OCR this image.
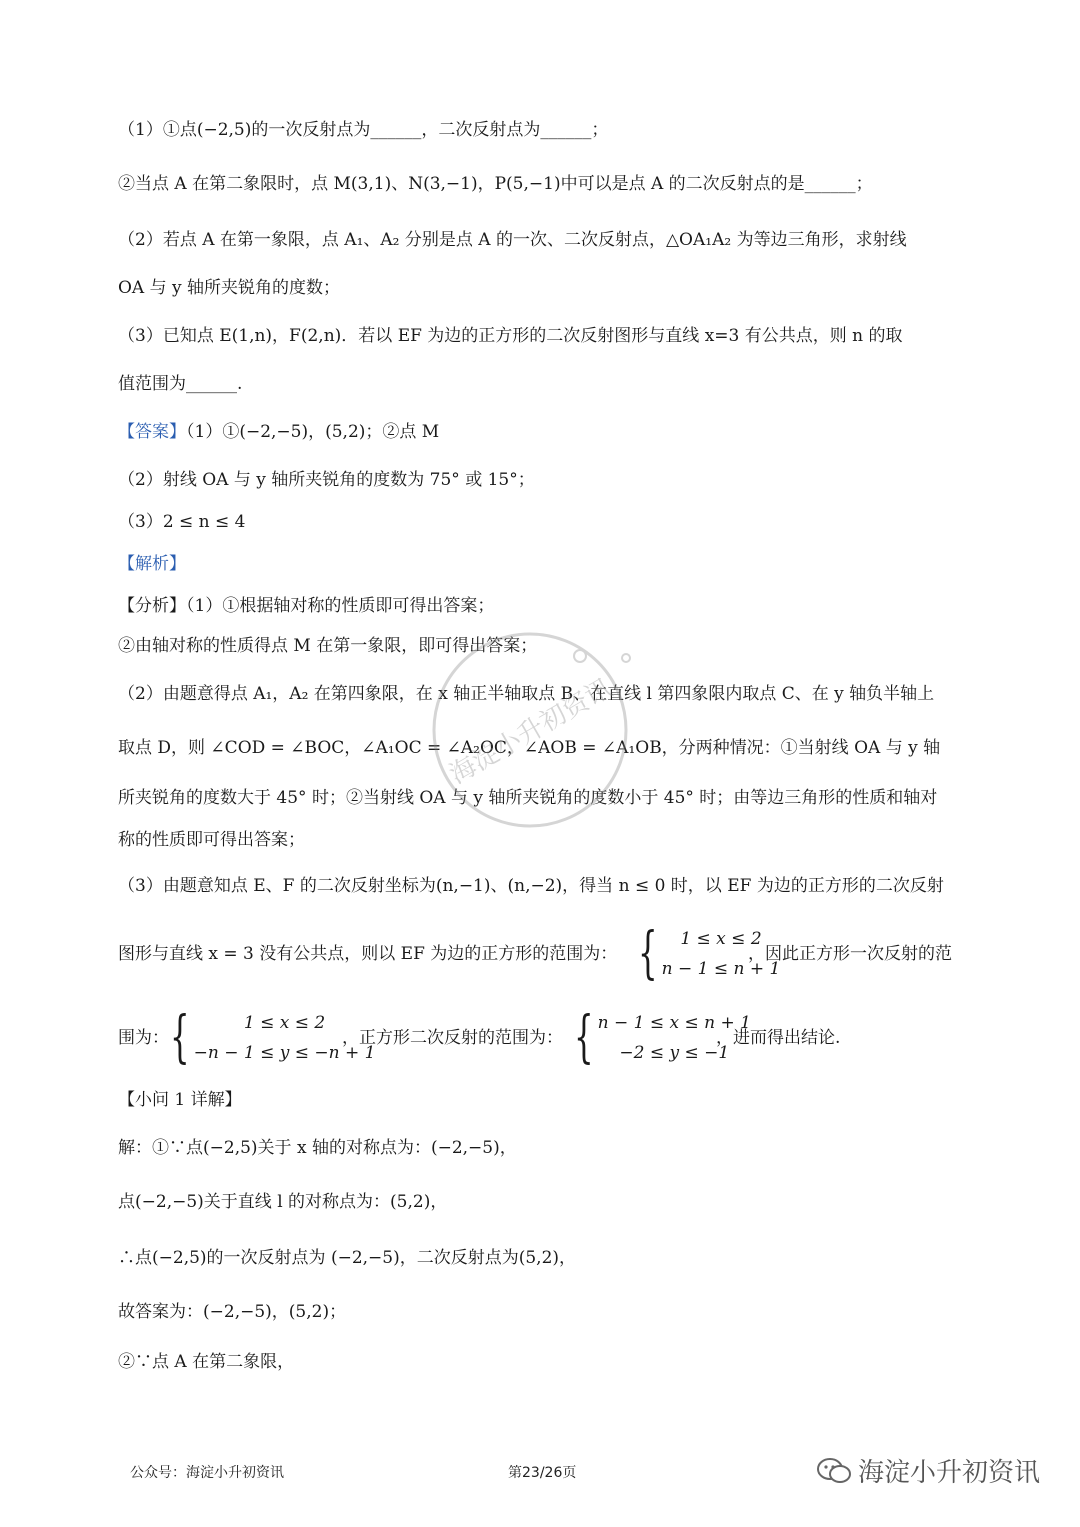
（1）①点(−2,5)的一次反射点为______，二次反射点为______；
②当点 A 在第二象限时，点 M(3,1)、N(3,−1)，P(5,−1)中可以是点 A 的二次反射点的是______；
（2）若点 A 在第一象限，点 A₁、A₂ 分别是点 A 的一次、二次反射点，△OA₁A₂ 为等边三角形，求射线
OA 与 y 轴所夹锐角的度数；
（3）已知点 E(1,n)，F(2,n)．若以 EF 为边的正方形的二次反射图形与直线 x=3 有公共点，则 n 的取
值范围为______.
【答案】（1）①(−2,−5)，(5,2)；②点 M
（2）射线 OA 与 y 轴所夹锐角的度数为 75° 或 15°；
（3）2 ≤ n ≤ 4
【解析】
【分析】（1）①根据轴对称的性质即可得出答案；
②由轴对称的性质得点 M 在第一象限，即可得出答案；
（2）由题意得点 A₁，A₂ 在第四象限，在 x 轴正半轴取点 B、在直线 l 第四象限内取点 C、在 y 轴负半轴上
取点 D，则 ∠COD = ∠BOC，∠A₁OC = ∠A₂OC，∠AOB = ∠A₁OB，分两种情况：①当射线 OA 与 y 轴
所夹锐角的度数大于 45° 时；②当射线 OA 与 y 轴所夹锐角的度数小于 45° 时；由等边三角形的性质和轴对
称的性质即可得出答案；
（3）由题意知点 E、F 的二次反射坐标为(n,−1)、(n,−2)，得当 n ≤ 0 时，以 EF 为边的正方形的二次反射
图形与直线 x = 3 没有公共点，则以 EF 为边的正方形的范围为： {	1 ≤ x ≤ 2
n − 1 ≤ n + 1
，因此正方形一次反射的范
围为： {	1 ≤ x ≤ 2
−n − 1 ≤ y ≤ −n + 1
，正方形二次反射的范围为： { n − 1 ≤ x ≤ n + 1
−2 ≤ y ≤ −1
，进而得出结论.
【小问 1 详解】
解：①∵点(−2,5)关于 x 轴的对称点为：(−2,−5)，
点(−2,−5)关于直线 l 的对称点为：(5,2)，
∴点(−2,5)的一次反射点为 (−2,−5)，二次反射点为(5,2)，
故答案为：(−2,−5)，(5,2)；
②∵点 A 在第二象限，
海淀小升初资讯
公众号：海淀小升初资讯	第23/26页	海淀小升初资讯
